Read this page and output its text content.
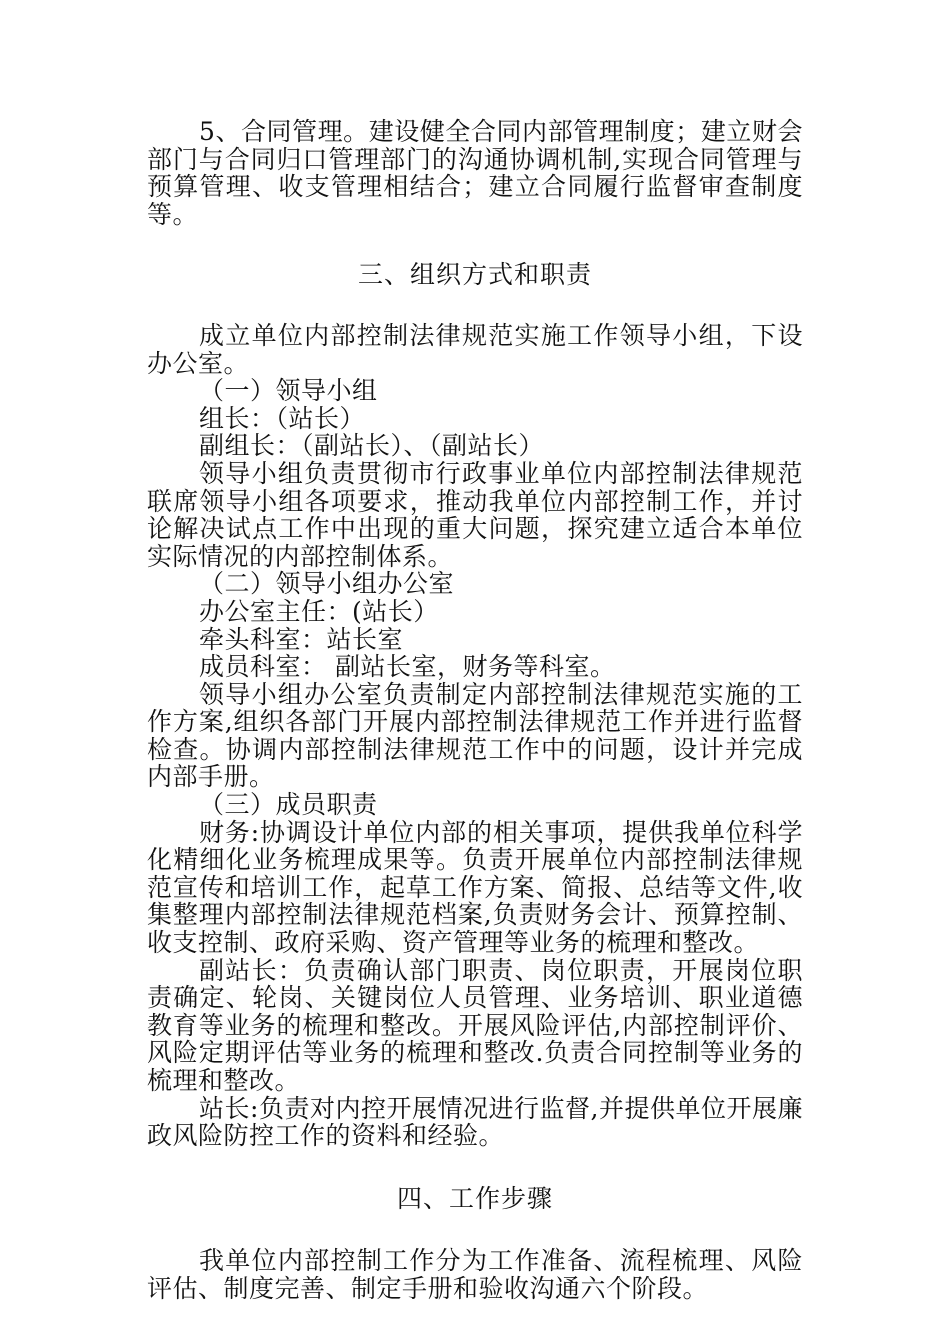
5、合同管理。建设健全合同内部管理制度；建立财会部门与合同归口管理部门的沟通协调机制,实现合同管理与预算管理、收支管理相结合；建立合同履行监督审查制度等。

三、组织方式和职责

成立单位内部控制法律规范实施工作领导小组，下设办公室。

（一）领导小组

组长：（站长）

副组长：（副站长）、（副站长）

领导小组负责贯彻市行政事业单位内部控制法律规范联席领导小组各项要求，推动我单位内部控制工作，并讨论解决试点工作中出现的重大问题，探究建立适合本单位实际情况的内部控制体系。

（二）领导小组办公室

办公室主任：(站长）

牵头科室：站长室

成员科室： 副站长室，财务等科室。

领导小组办公室负责制定内部控制法律规范实施的工作方案,组织各部门开展内部控制法律规范工作并进行监督检查。协调内部控制法律规范工作中的问题，设计并完成内部手册。

（三）成员职责

财务:协调设计单位内部的相关事项，提供我单位科学化精细化业务梳理成果等。负责开展单位内部控制法律规范宣传和培训工作，起草工作方案、简报、总结等文件,收集整理内部控制法律规范档案,负责财务会计、预算控制、收支控制、政府采购、资产管理等业务的梳理和整改。

副站长：负责确认部门职责、岗位职责，开展岗位职责确定、轮岗、关键岗位人员管理、业务培训、职业道德教育等业务的梳理和整改。开展风险评估,内部控制评价、风险定期评估等业务的梳理和整改.负责合同控制等业务的梳理和整改。

站长:负责对内控开展情况进行监督,并提供单位开展廉政风险防控工作的资料和经验。

四、工作步骤

我单位内部控制工作分为工作准备、流程梳理、风险评估、制度完善、制定手册和验收沟通六个阶段。
